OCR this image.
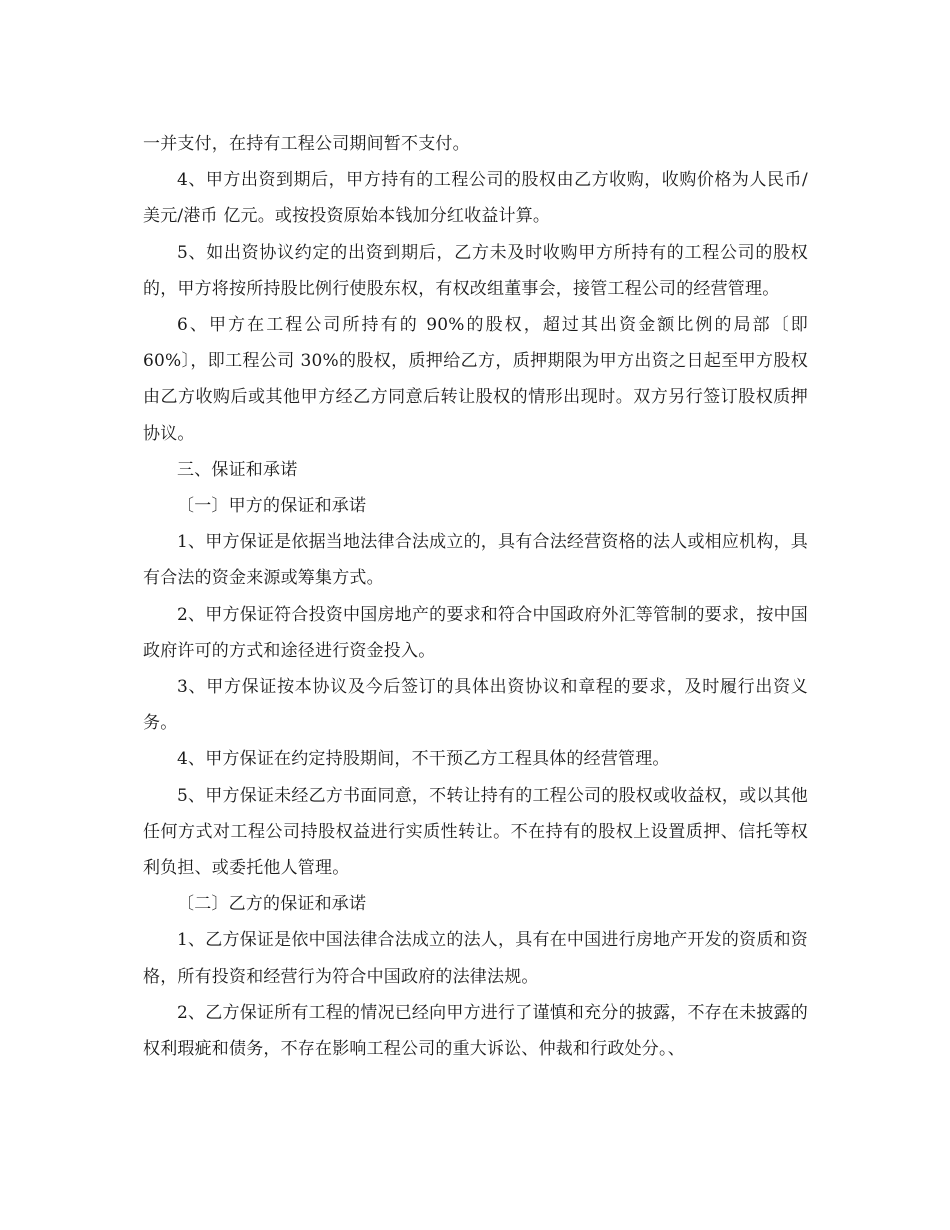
一并支付，在持有工程公司期间暂不支付。

4、甲方出资到期后，甲方持有的工程公司的股权由乙方收购，收购价格为人民币/美元/港币 亿元。或按投资原始本钱加分红收益计算。

5、如出资协议约定的出资到期后，乙方未及时收购甲方所持有的工程公司的股权的，甲方将按所持股比例行使股东权，有权改组董事会，接管工程公司的经营管理。

6、甲方在工程公司所持有的 90%的股权，超过其出资金额比例的局部〔即 60%〕，即工程公司 30%的股权，质押给乙方，质押期限为甲方出资之日起至甲方股权由乙方收购后或其他甲方经乙方同意后转让股权的情形出现时。双方另行签订股权质押协议。

三、保证和承诺

〔一〕甲方的保证和承诺

1、甲方保证是依据当地法律合法成立的，具有合法经营资格的法人或相应机构，具有合法的资金来源或筹集方式。

2、甲方保证符合投资中国房地产的要求和符合中国政府外汇等管制的要求，按中国政府许可的方式和途径进行资金投入。

3、甲方保证按本协议及今后签订的具体出资协议和章程的要求，及时履行出资义务。

4、甲方保证在约定持股期间，不干预乙方工程具体的经营管理。

5、甲方保证未经乙方书面同意，不转让持有的工程公司的股权或收益权，或以其他任何方式对工程公司持股权益进行实质性转让。不在持有的股权上设置质押、信托等权利负担、或委托他人管理。

〔二〕乙方的保证和承诺

1、乙方保证是依中国法律合法成立的法人，具有在中国进行房地产开发的资质和资格，所有投资和经营行为符合中国政府的法律法规。

2、乙方保证所有工程的情况已经向甲方进行了谨慎和充分的披露，不存在未披露的权利瑕疵和债务，不存在影响工程公司的重大诉讼、仲裁和行政处分。、
